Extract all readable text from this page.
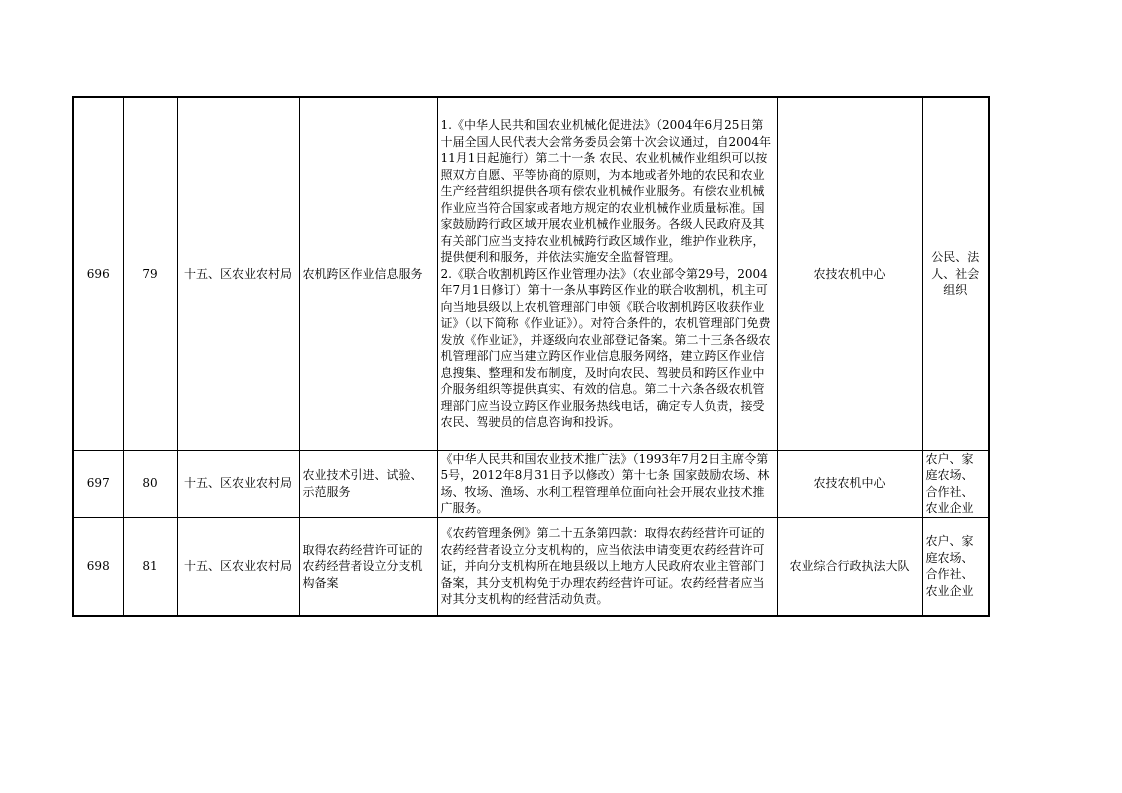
696	79	十五、区农业农村局	农机跨区作业信息服务	1.《中华人民共和国农业机械化促进法》（2004年6月25日第十届全国人民代表大会常务委员会第十次会议通过，自2004年11月1日起施行）第二十一条 农民、农业机械作业组织可以按照双方自愿、平等协商的原则，为本地或者外地的农民和农业生产经营组织提供各项有偿农业机械作业服务。有偿农业机械作业应当符合国家或者地方规定的农业机械作业质量标准。国家鼓励跨行政区域开展农业机械作业服务。各级人民政府及其有关部门应当支持农业机械跨行政区域作业，维护作业秩序，提供便利和服务，并依法实施安全监督管理。
2.《联合收割机跨区作业管理办法》（农业部令第29号，2004年7月1日修订）第十一条从事跨区作业的联合收割机，机主可向当地县级以上农机管理部门申领《联合收割机跨区收获作业证》（以下简称《作业证》）。对符合条件的，农机管理部门免费发放《作业证》，并逐级向农业部登记备案。第二十三条各级农机管理部门应当建立跨区作业信息服务网络，建立跨区作业信息搜集、整理和发布制度，及时向农民、驾驶员和跨区作业中介服务组织等提供真实、有效的信息。第二十六条各级农机管理部门应当设立跨区作业服务热线电话，确定专人负责，接受农民、驾驶员的信息咨询和投诉。	农技农机中心	公民、法人、社会组织
697	80	十五、区农业农村局	农业技术引进、试验、示范服务	《中华人民共和国农业技术推广法》（1993年7月2日主席令第5号，2012年8月31日予以修改）第十七条 国家鼓励农场、林场、牧场、渔场、水利工程管理单位面向社会开展农业技术推广服务。	农技农机中心	农户、家庭农场、合作社、农业企业
698	81	十五、区农业农村局	取得农药经营许可证的农药经营者设立分支机构备案	《农药管理条例》第二十五条第四款：取得农药经营许可证的农药经营者设立分支机构的，应当依法申请变更农药经营许可证，并向分支机构所在地县级以上地方人民政府农业主管部门备案，其分支机构免于办理农药经营许可证。农药经营者应当对其分支机构的经营活动负责。	农业综合行政执法大队	农户、家庭农场、合作社、农业企业
